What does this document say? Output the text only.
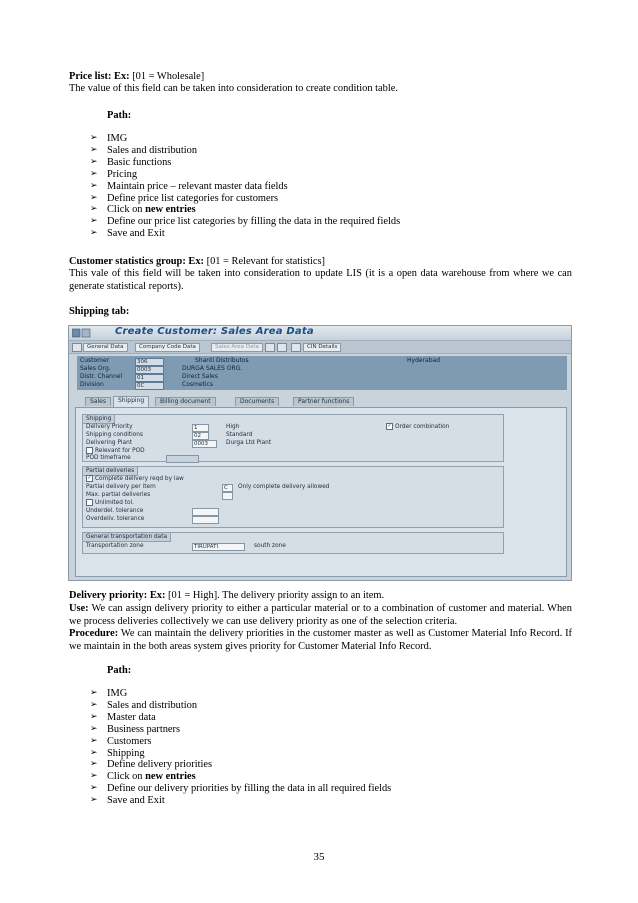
Price list: Ex: [01 = Wholesale]

The value of this field can be taken into consideration to create condition table.

Path:
➢ IMG
➢ Sales and distribution
➢ Basic functions
➢ Pricing
➢ Maintain price – relevant master data fields
➢ Define price list categories for customers
➢ Click on new entries
➢ Define our price list categories by filling the data in the required fields
➢ Save and Exit

Customer statistics group: Ex: [01 = Relevant for statistics]

This vale of this field will be taken into consideration to update LIS (it is a open data warehouse from where we can generate statistical reports).

Shipping tab:

Create Customer: Sales Area Data
General Data	Company Code Data	Sales Area Data	CIN Details
Customer	306	Shanti Distributos	Hyderabad
Sales Org.	0003	DURGA SALES ORG.
Distr. Channel	01	Direct Sales
Division	0C	Cosmetics
Sales	Shipping	Billing document	Documents	Partner functions
Shipping
Delivery Priority	1	High	✓ Order combination
Shipping conditions	02	Standard
Delivering Plant	0003	Durga Ltd Plant
Relevant for POD
POD timeframe
Partial deliveries
✓ Complete delivery reqd by law
Partial delivery per item	C	Only complete delivery allowed
Max. partial deliveries
Unlimited tol.
Underdel. tolerance
Overdeliv. tolerance
General transportation data
Transportation zone	TIRUPATI	south zone

Delivery priority: Ex: [01 = High]. The delivery priority assign to an item.

Use: We can assign delivery priority to either a particular material or to a combination of customer and material. When we process deliveries collectively we can use delivery priority as one of the selection criteria.

Procedure: We can maintain the delivery priorities in the customer master as well as Customer Material Info Record. If we maintain in the both areas system gives priority for Customer Material Info Record.

Path:
➢ IMG
➢ Sales and distribution
➢ Master data
➢ Business partners
➢ Customers
➢ Shipping
➢ Define delivery priorities
➢ Click on new entries
➢ Define our delivery priorities by filling the data in all required fields
➢ Save and Exit
35
